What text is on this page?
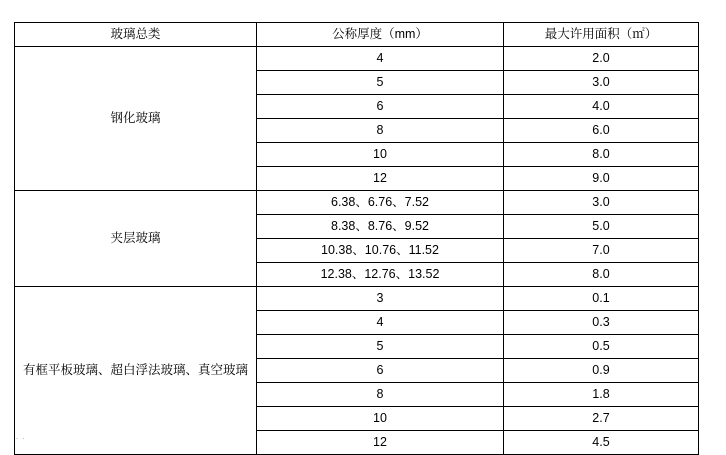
玻璃总类	公称厚度（mm）	最大许用面积（㎡）
钢化玻璃	4	2.0
	5	3.0
	6	4.0
	8	6.0
	10	8.0
	12	9.0
夹层玻璃	6.38、6.76、7.52	3.0
	8.38、8.76、9.52	5.0
	10.38、10.76、11.52	7.0
	12.38、12.76、13.52	8.0
有框平板玻璃、超白浮法玻璃、真空玻璃	3	0.1
	4	0.3
	5	0.5
	6	0.9
	8	1.8
	10	2.7
	12	4.5
. .
